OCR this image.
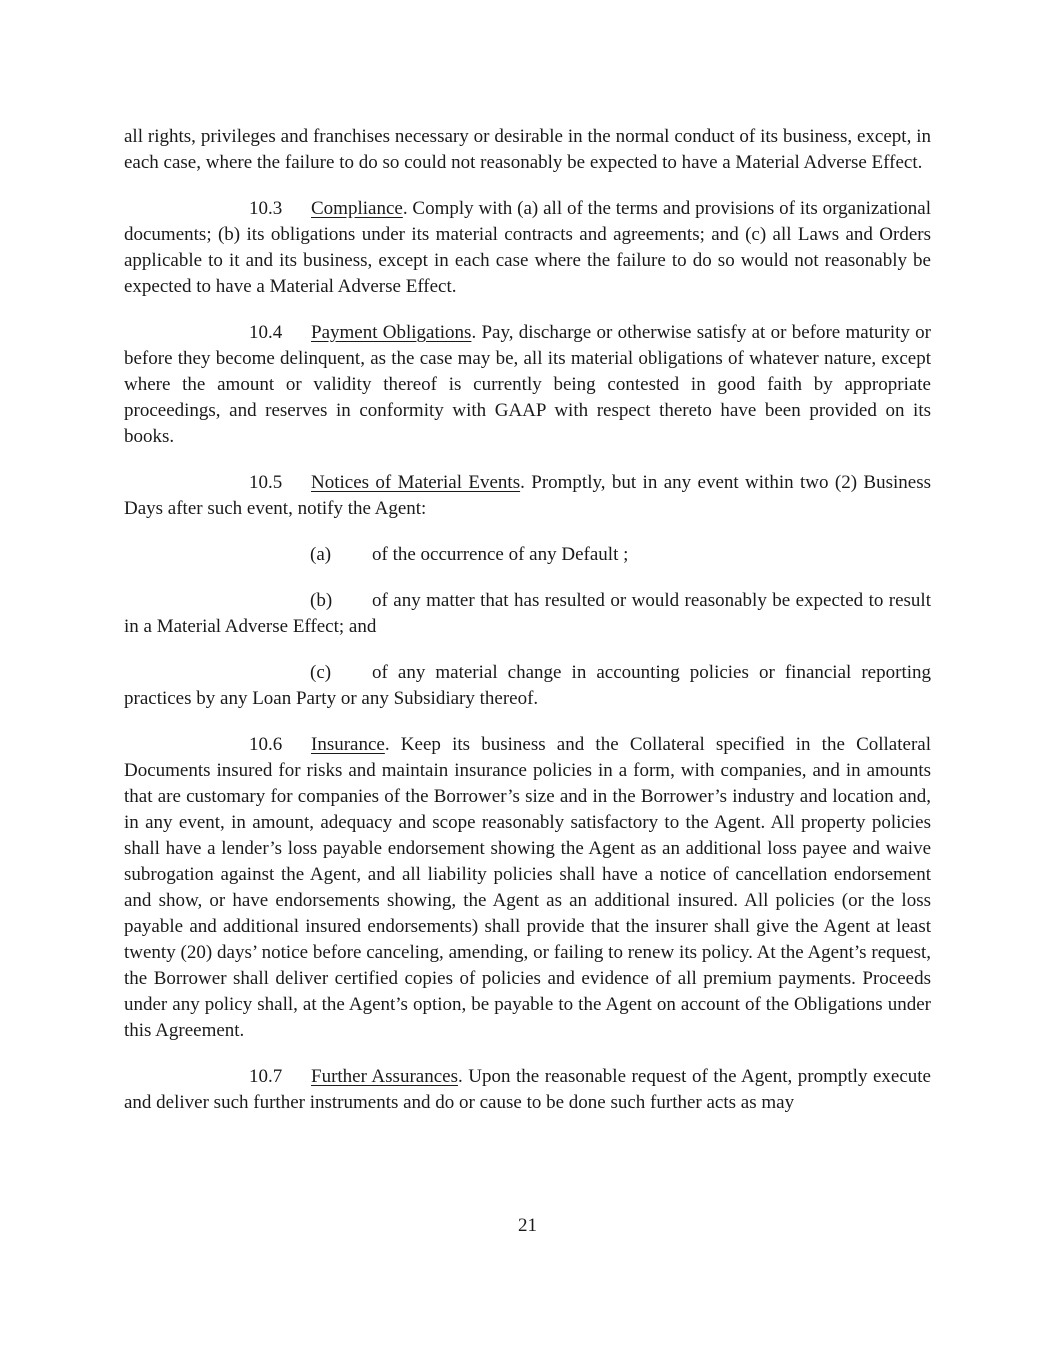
all rights, privileges and franchises necessary or desirable in the normal conduct of its business, except, in each case, where the failure to do so could not reasonably be expected to have a Material Adverse Effect.

10.3 Compliance. Comply with (a) all of the terms and provisions of its organizational documents; (b) its obligations under its material contracts and agreements; and (c) all Laws and Orders applicable to it and its business, except in each case where the failure to do so would not reasonably be expected to have a Material Adverse Effect.

10.4 Payment Obligations. Pay, discharge or otherwise satisfy at or before maturity or before they become delinquent, as the case may be, all its material obligations of whatever nature, except where the amount or validity thereof is currently being contested in good faith by appropriate proceedings, and reserves in conformity with GAAP with respect thereto have been provided on its books.

10.5 Notices of Material Events. Promptly, but in any event within two (2) Business Days after such event, notify the Agent:

(a) of the occurrence of any Default ;

(b) of any matter that has resulted or would reasonably be expected to result in a Material Adverse Effect; and

(c) of any material change in accounting policies or financial reporting practices by any Loan Party or any Subsidiary thereof.

10.6 Insurance. Keep its business and the Collateral specified in the Collateral Documents insured for risks and maintain insurance policies in a form, with companies, and in amounts that are customary for companies of the Borrower’s size and in the Borrower’s industry and location and, in any event, in amount, adequacy and scope reasonably satisfactory to the Agent. All property policies shall have a lender’s loss payable endorsement showing the Agent as an additional loss payee and waive subrogation against the Agent, and all liability policies shall have a notice of cancellation endorsement and show, or have endorsements showing, the Agent as an additional insured. All policies (or the loss payable and additional insured endorsements) shall provide that the insurer shall give the Agent at least twenty (20) days’ notice before canceling, amending, or failing to renew its policy. At the Agent’s request, the Borrower shall deliver certified copies of policies and evidence of all premium payments. Proceeds under any policy shall, at the Agent’s option, be payable to the Agent on account of the Obligations under this Agreement.

10.7 Further Assurances. Upon the reasonable request of the Agent, promptly execute and deliver such further instruments and do or cause to be done such further acts as may

21
